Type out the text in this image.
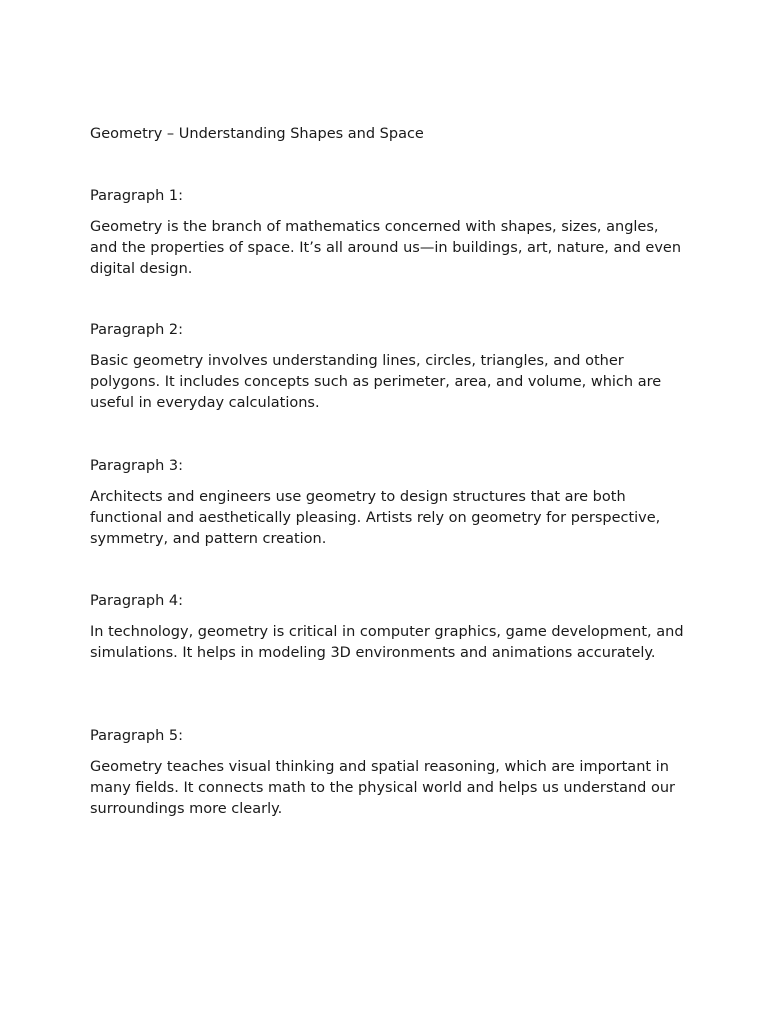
Geometry – Understanding Shapes and Space

Paragraph 1:

Geometry is the branch of mathematics concerned with shapes, sizes, angles, and the properties of space. It’s all around us—in buildings, art, nature, and even digital design.

Paragraph 2:

Basic geometry involves understanding lines, circles, triangles, and other polygons. It includes concepts such as perimeter, area, and volume, which are useful in everyday calculations.

Paragraph 3:

Architects and engineers use geometry to design structures that are both functional and aesthetically pleasing. Artists rely on geometry for perspective, symmetry, and pattern creation.

Paragraph 4:

In technology, geometry is critical in computer graphics, game development, and simulations. It helps in modeling 3D environments and animations accurately.

Paragraph 5:

Geometry teaches visual thinking and spatial reasoning, which are important in many fields. It connects math to the physical world and helps us understand our surroundings more clearly.
